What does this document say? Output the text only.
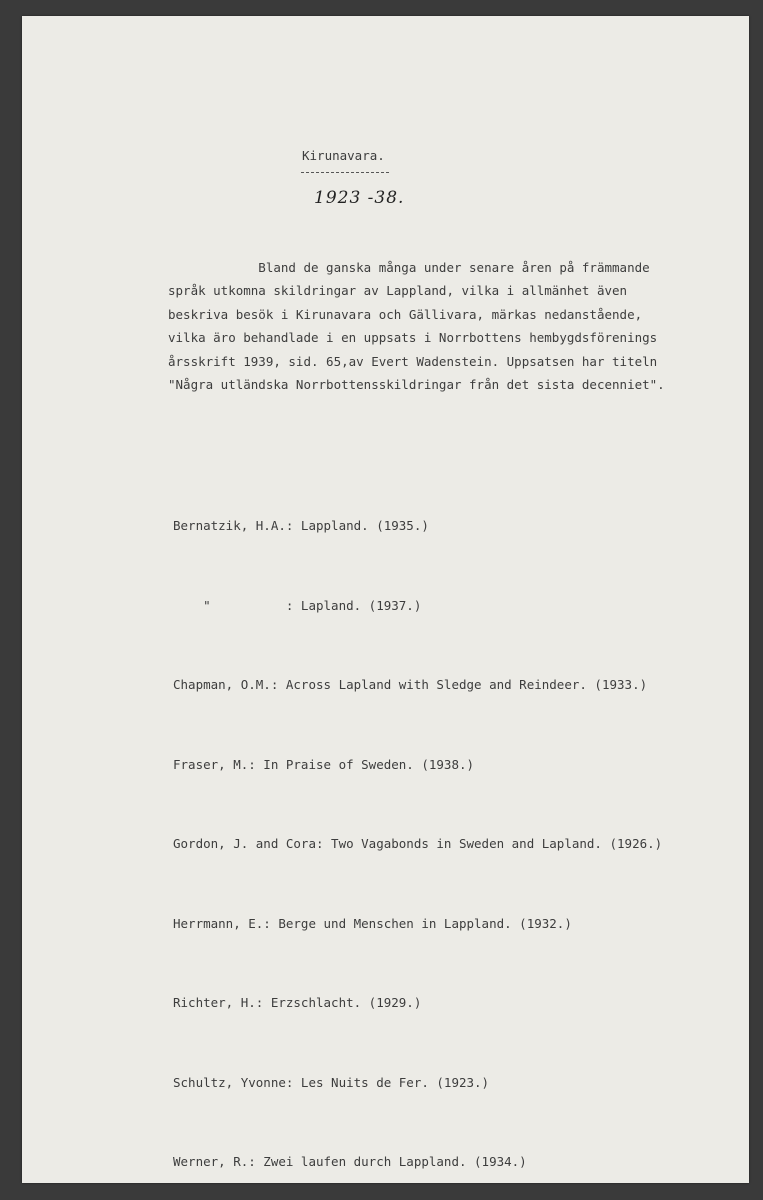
Kirunavara.
1923 -38.

Bland de ganska många under senare åren på främmande
språk utkomna skildringar av Lappland, vilka i allmänhet även
beskriva besök i Kirunavara och Gällivara, märkas nedanstående,
vilka äro behandlade i en uppsats i Norrbottens hembygdsförenings
årsskrift 1939, sid. 65,av Evert Wadenstein. Uppsatsen har titeln
"Några utländska Norrbottensskildringar från det sista decenniet".

Bernatzik, H.A.: Lappland. (1935.)

"          : Lapland. (1937.)

Chapman, O.M.: Across Lapland with Sledge and Reindeer. (1933.)

Fraser, M.: In Praise of Sweden. (1938.)

Gordon, J. and Cora: Two Vagabonds in Sweden and Lapland. (1926.)

Herrmann, E.: Berge und Menschen in Lappland. (1932.)

Richter, H.: Erzschlacht. (1929.)

Schultz, Yvonne: Les Nuits de Fer. (1923.)

Werner, R.: Zwei laufen durch Lappland. (1934.)
